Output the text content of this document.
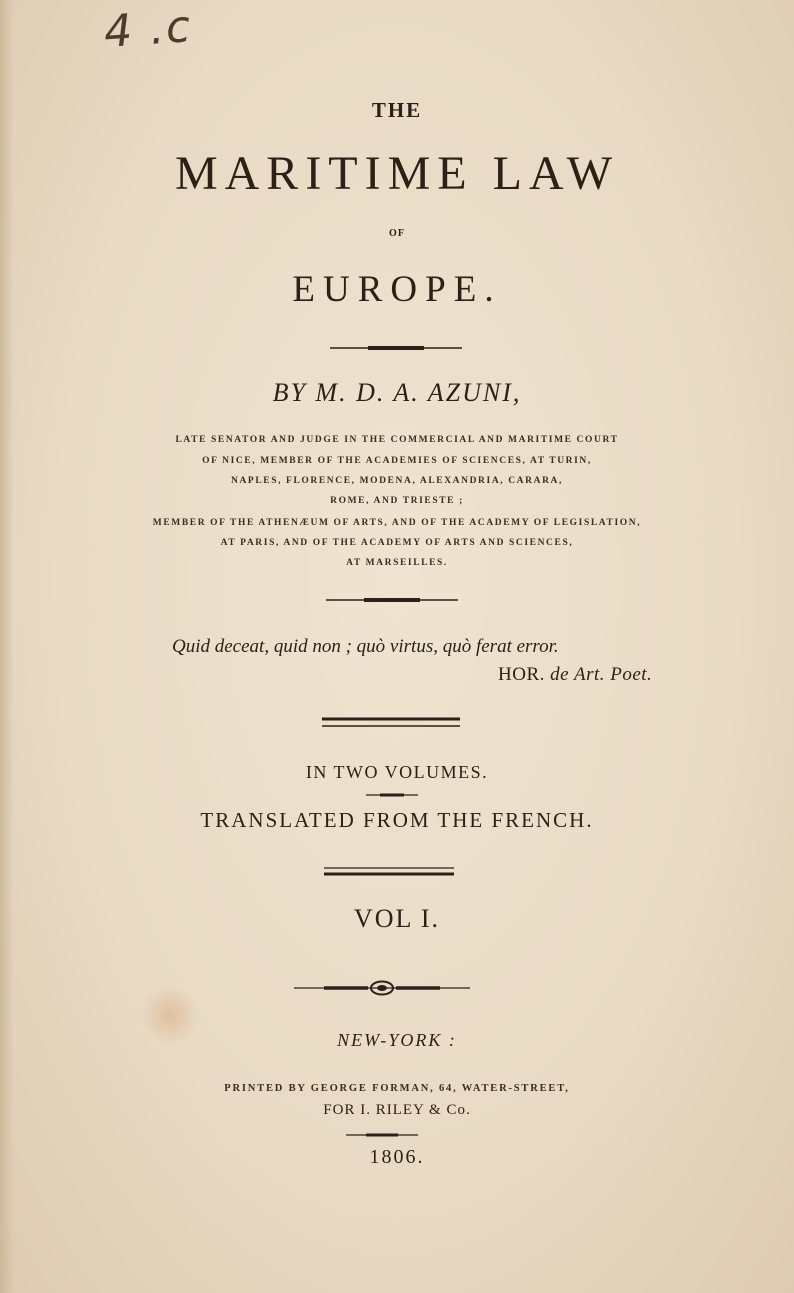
4 .c
THE
MARITIME LAW
OF
EUROPE.
BY M. D. A. AZUNI,
LATE SENATOR AND JUDGE IN THE COMMERCIAL AND MARITIME COURT
OF NICE, MEMBER OF THE ACADEMIES OF SCIENCES, AT TURIN,
NAPLES, FLORENCE, MODENA, ALEXANDRIA, CARARA,
ROME, AND TRIESTE ;
MEMBER OF THE ATHENÆUM OF ARTS, AND OF THE ACADEMY OF LEGISLATION,
AT PARIS, AND OF THE ACADEMY OF ARTS AND SCIENCES,
AT MARSEILLES.
Quid deceat, quid non ; quò virtus, quò ferat error.
HOR. de Art. Poet.
IN TWO VOLUMES.
TRANSLATED FROM THE FRENCH.
VOL I.
NEW-YORK :
PRINTED BY GEORGE FORMAN, 64, WATER-STREET,
FOR I. RILEY & Co.
1806.
